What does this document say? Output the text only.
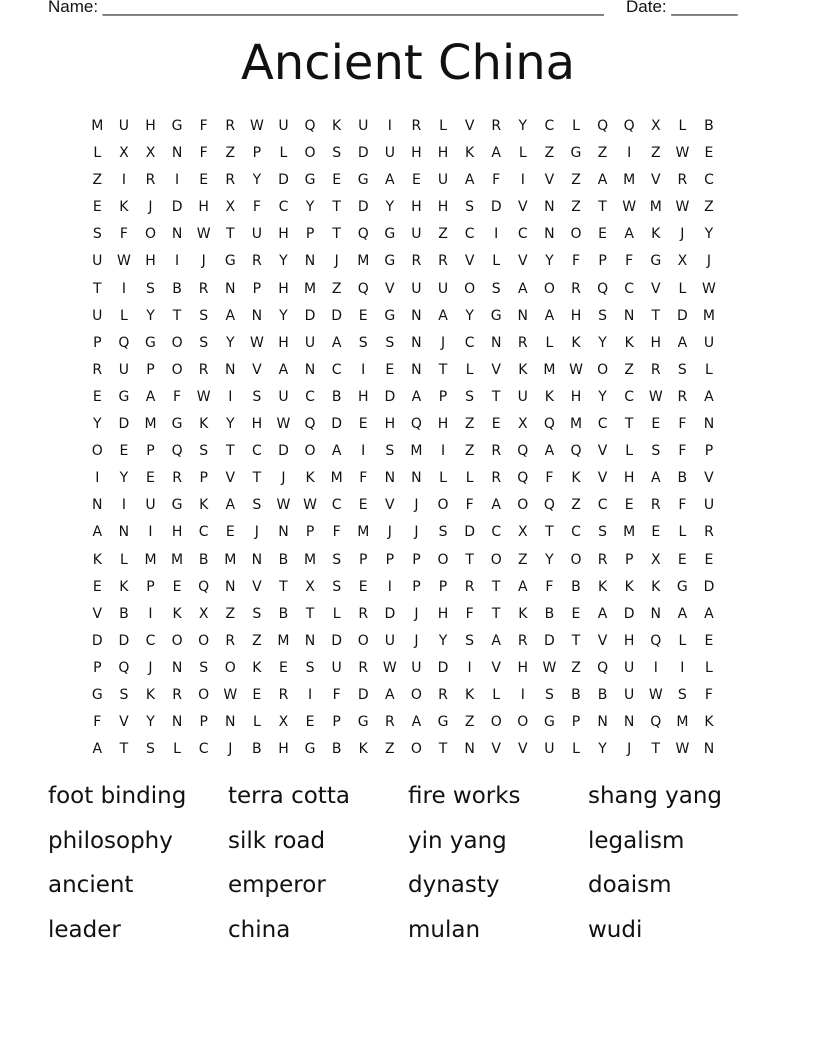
Name: _____________________________________________________ Date: _______
Ancient China
M	U	H	G	F	R	W	U	Q	K	U	I	R	L	V	R	Y	C	L	Q	Q	X	L	B
L	X	X	N	F	Z	P	L	O	S	D	U	H	H	K	A	L	Z	G	Z	I	Z	W	E
Z	I	R	I	E	R	Y	D	G	E	G	A	E	U	A	F	I	V	Z	A	M	V	R	C
E	K	J	D	H	X	F	C	Y	T	D	Y	H	H	S	D	V	N	Z	T	W M W	Z
S	F	O	N	W	T	U	H	P	T	Q	G	U	Z	C	I	C	N	O	E	A	K	J	Y
U	W	H	I	J	G	R	Y	N	J	M	G	R	R	V	L	V	Y	F	P	F	G	X	J
T	I	S	B	R	N	P	H	M	Z	Q	V	U	U	O	S	A	O	R	Q	C	V	L	W
U	L	Y	T	S	A	N	Y	D	D	E	G	N	A	Y	G	N	A	H	S	N	T	D	M
P	Q	G	O	S	Y	W	H	U	A	S	S	N	J	C	N	R	L	K	Y	K	H	A	U
R	U	P	O	R	N	V	A	N	C	I	E	N	T	L	V	K	M W	O	Z	R	S	L
E	G	A	F	W	I	S	U	C	B	H	D	A	P	S	T	U	K	H	Y	C	W	R	A
Y	D	M	G	K	Y	H	W	Q	D	E	H	Q	H	Z	E	X	Q	M	C	T	E	F	N
O	E	P	Q	S	T	C	D	O	A	I	S	M	I	Z	R	Q	A	Q	V	L	S	F	P
I	Y	E	R	P	V	T	J	K	M	F	N	N	L	L	R	Q	F	K	V	H	A	B	V
N	I	U	G	K	A	S	W W	C	E	V	J	O	F	A	O	Q	Z	C	E	R	F	U
A	N	I	H	C	E	J	N	P	F	M	J	J	S	D	C	X	T	C	S	M	E	L	R
K	L	M	M	B	M	N	B	M	S	P	P	P	O	T	O	Z	Y	O	R	P	X	E	E
E	K	P	E	Q	N	V	T	X	S	E	I	P	P	R	T	A	F	B	K	K	K	G	D
V	B	I	K	X	Z	S	B	T	L	R	D	J	H	F	T	K	B	E	A	D	N	A	A
D	D	C	O	O	R	Z	M	N	D	O	U	J	Y	S	A	R	D	T	V	H	Q	L	E
P	Q	J	N	S	O	K	E	S	U	R	W	U	D	I	V	H	W	Z	Q	U	I	I	L
G	S	K	R	O	W	E	R	I	F	D	A	O	R	K	L	I	S	B	B	U	W	S	F
F	V	Y	N	P	N	L	X	E	P	G	R	A	G	Z	O	O	G	P	N	N	Q	M	K
A	T	S	L	C	J	B	H	G	B	K	Z	O	T	N	V	V	U	L	Y	J	T	W	N
foot binding	terra cotta	fire works	shang yang
philosophy	silk road	yin yang	legalism
ancient	emperor	dynasty	doaism
leader	china	mulan	wudi
